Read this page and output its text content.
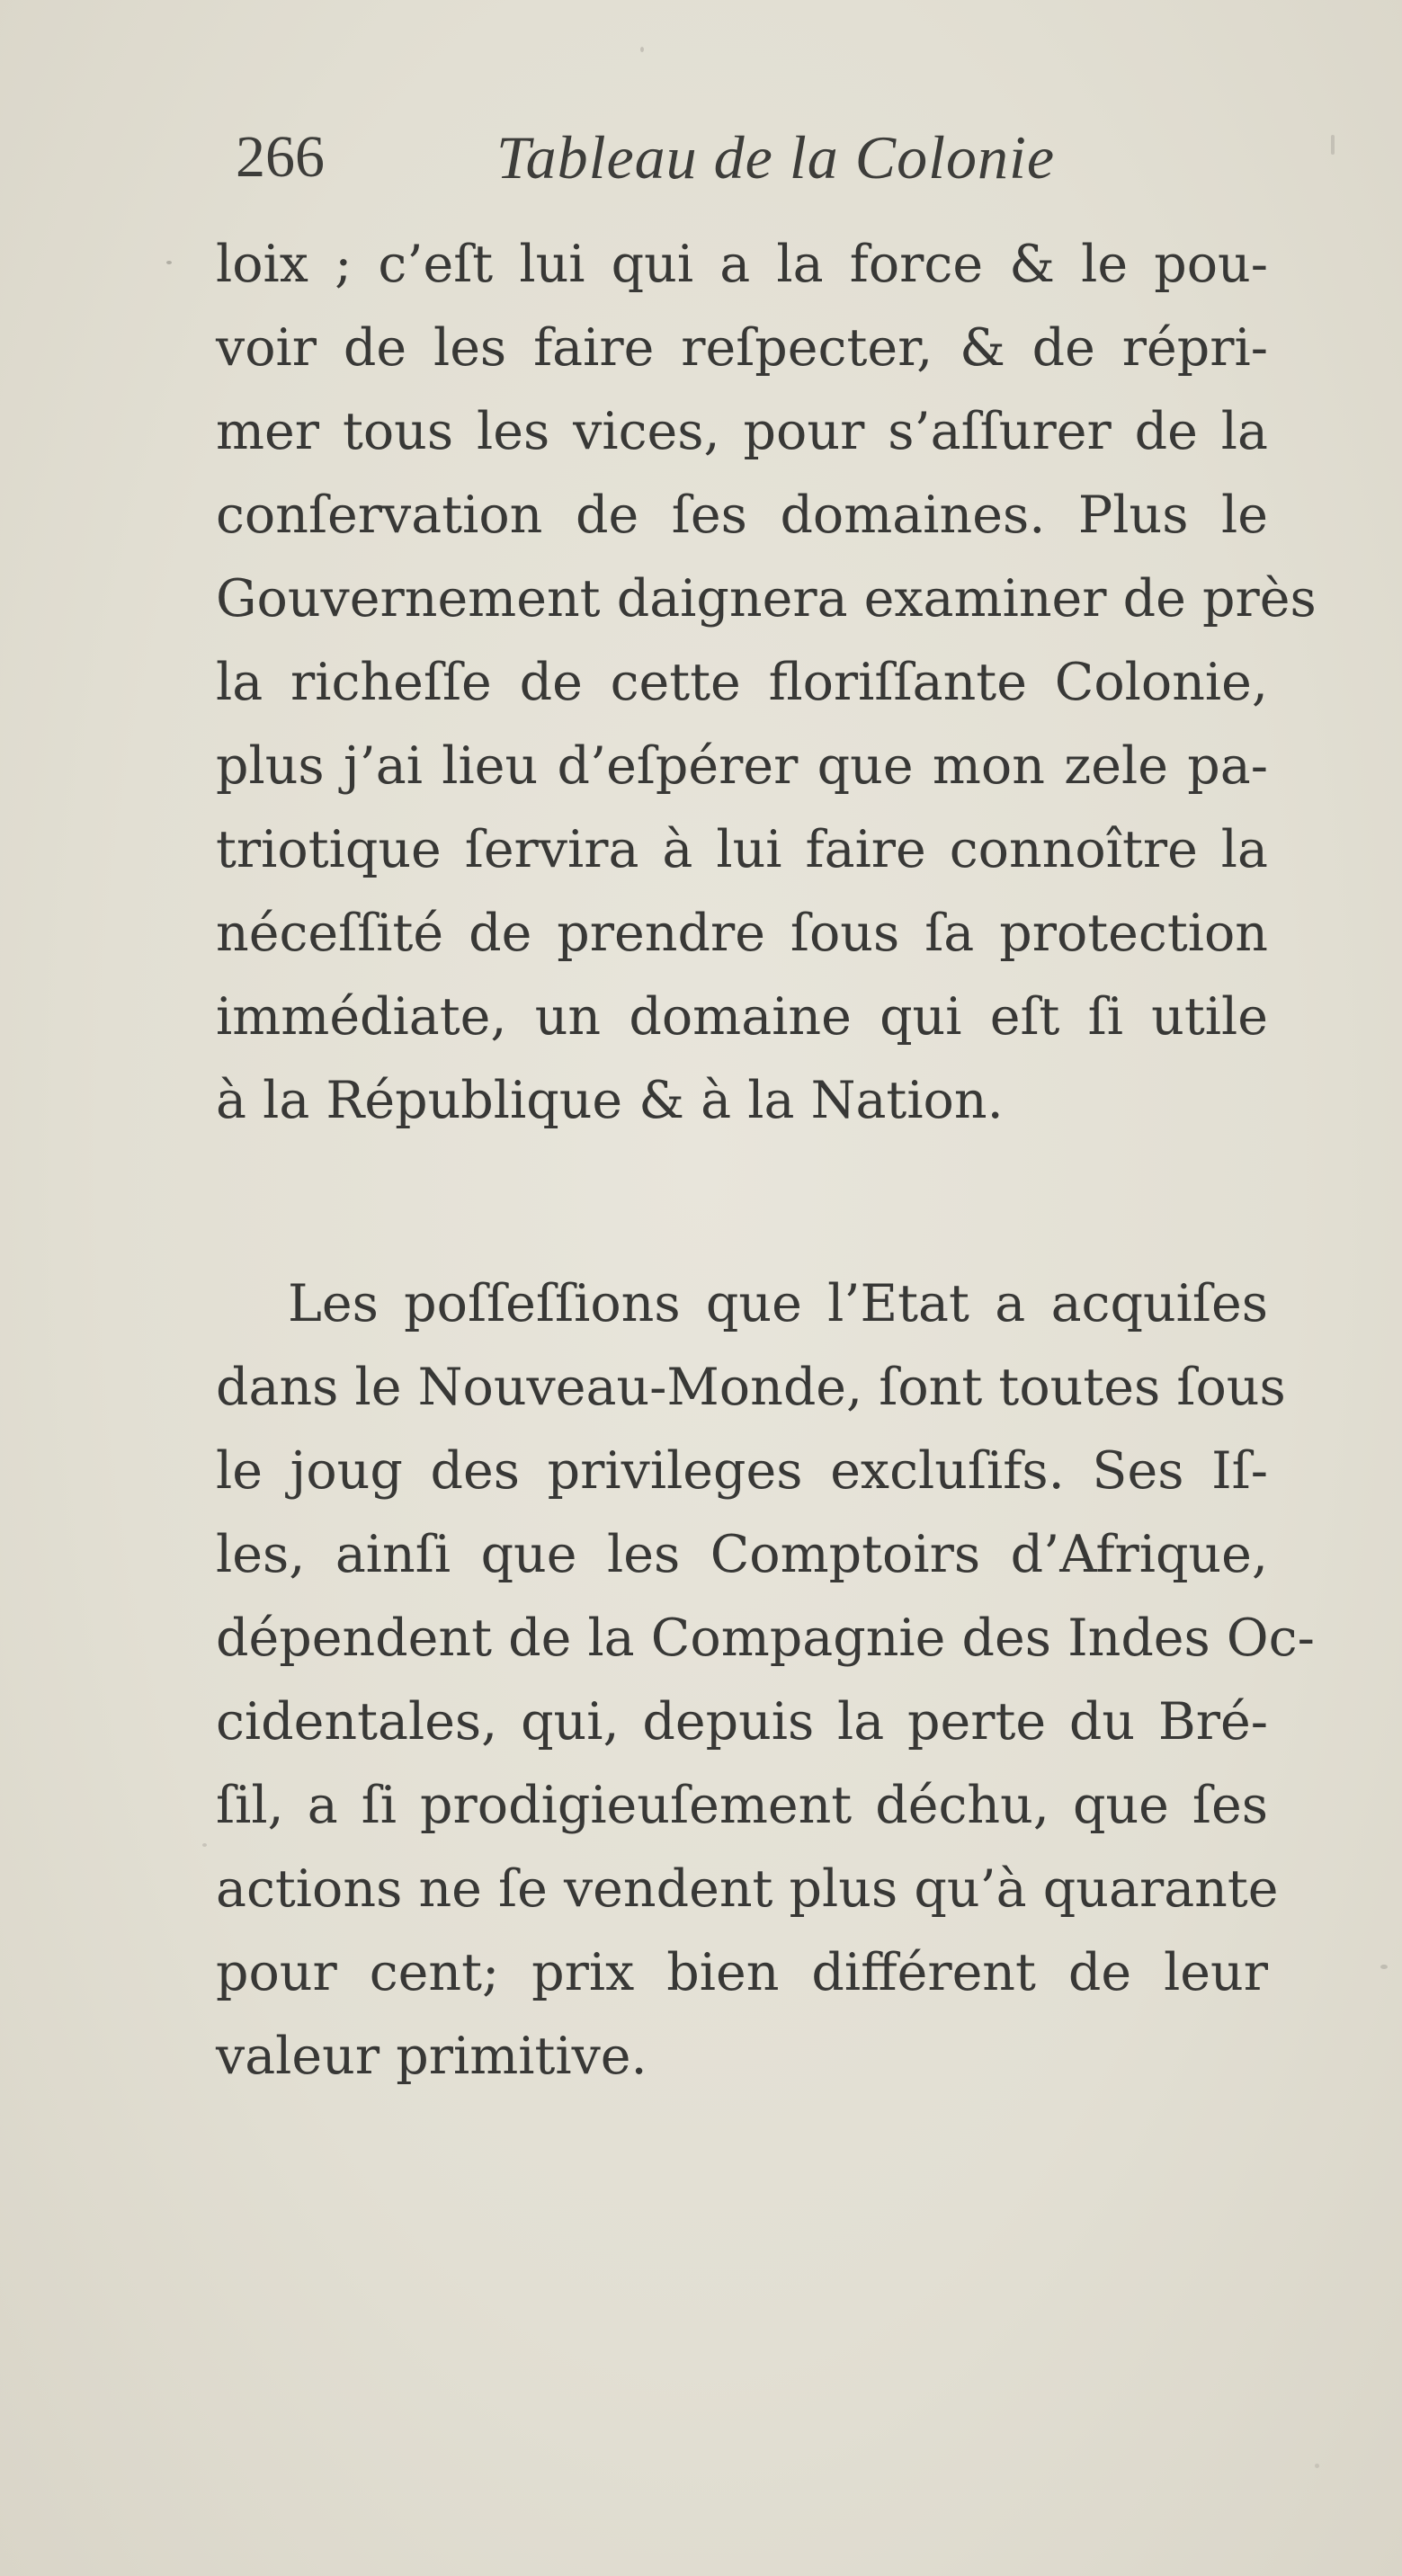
266	Tableau de la Colonie
loix ; c’eſt lui qui a la force & le pou-
voir de les faire reſpecter, & de répri-
mer tous les vices, pour s’aſſurer de la
conſervation de ſes domaines. Plus le
Gouvernement daignera examiner de près
la richeſſe de cette floriſſante Colonie,
plus j’ai lieu d’eſpérer que mon zele pa-
triotique ſervira à lui faire connoître la
néceſſité de prendre ſous ſa protection
immédiate, un domaine qui eſt ſi utile
à la République & à la Nation.
Les poſſeſſions que l’Etat a acquiſes
dans le Nouveau-Monde, ſont toutes ſous
le joug des privileges excluſifs. Ses Iſ-
les, ainſi que les Comptoirs d’Afrique,
dépendent de la Compagnie des Indes Oc-
cidentales, qui, depuis la perte du Bré-
ſil, a ſi prodigieuſement déchu, que ſes
actions ne ſe vendent plus qu’à quarante
pour cent; prix bien différent de leur
valeur primitive.
